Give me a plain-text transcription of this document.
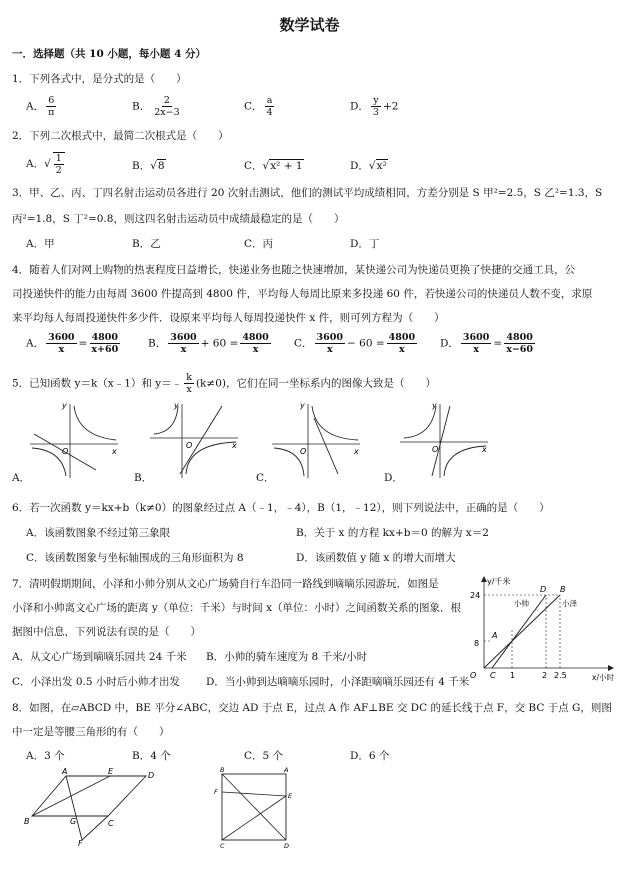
数学试卷
一．选择题（共 10 小题，每小题 4 分）
1．下列各式中，是分式的是（　　）
A． $\frac{6}{\pi}$	B． $\frac{2}{2x-3}$	C． $\frac{a}{4}$	D． $\frac{y}{3} +2$
2．下列二次根式中，最简二次根式是（　　）
A．√ $\frac{1}{2}$	B．√8	C．√x² + 1	D．√x²
3．甲、乙、丙、丁四名射击运动员各进行 20 次射击测试，他们的测试平均成绩相同，方差分别是 S 甲²=2.5，S 乙²=1.3，S
丙²=1.8，S 丁²=0.8，则这四名射击运动员中成绩最稳定的是（　　）
A．甲	B．乙	C．丙	D．丁
4．随着人们对网上购物的热衷程度日益增长，快递业务也随之快速增加，某快递公司为快递员更换了快捷的交通工具，公
司投递快件的能力由每周 3600 件提高到 4800 件，平均每人每周比原来多投递 60 件，若快递公司的快递员人数不变，求原
来平均每人每周投递快件多少件．设原来平均每人每周投递快件 x 件，则可列方程为（　　）
A． $\frac{3600}{x} = \frac{4800}{x+60}$	B． $\frac{3600}{x} + 60 = \frac{4800}{x}$ C． $\frac{3600}{x} - 60 = \frac{4800}{x}$ D． $\frac{3600}{x} = \frac{4800}{x-60}$
5．已知函数 y＝k（x﹣1）和 y＝﹣ $\frac{k}{x} (k\ne 0)$，它们在同一坐标系内的图像大致是（　　）
A．	B．	C．	D．
x
y
O
x
y
O
x
y
O	x
y
O
6．若一次函数 y＝kx+b（k≠0）的图象经过点 A（﹣1，﹣4），B（1，﹣12），则下列说法中，正确的是（　　）
A．该函数图象不经过第三象限	B．关于 x 的方程 kx+b＝0 的解为 x＝2
C．该函数图象与坐标轴围成的三角形面积为 8	D．该函数值 y 随 x 的增大而增大
7．清明假期期间，小泽和小帅分别从文心广场骑自行车沿同一路线到嘀嘀乐园游玩．如图是
小泽和小帅离文心广场的距离 y（单位：千米）与时间 x（单位：小时）之间函数关系的图象．根
据图中信息，下列说法有误的是（　　）
A．从文心广场到嘀嘀乐园共 24 千米 B．小帅的骑车速度为 8 千米/小时
C．小泽出发 0.5 小时后小帅才出发 D．当小帅到达嘀嘀乐园时，小泽距嘀嘀乐园还有 4 千米
y/千米
x/小时
O
24
8
C 1	2 2.5
A
D B
小帅	小泽
8．如图，在▱ABCD 中，BE 平分∠ABC，交边 AD 于点 E，过点 A 作 AF⊥BE 交 DC 的延长线于点 F，交 BC 于点 G，则图
中一定是等腰三角形的有（　　）
A．3 个	B．4 个	C．5 个	D．6 个
A	E	D
B	G	C
F
B	A
F	E
C	D
